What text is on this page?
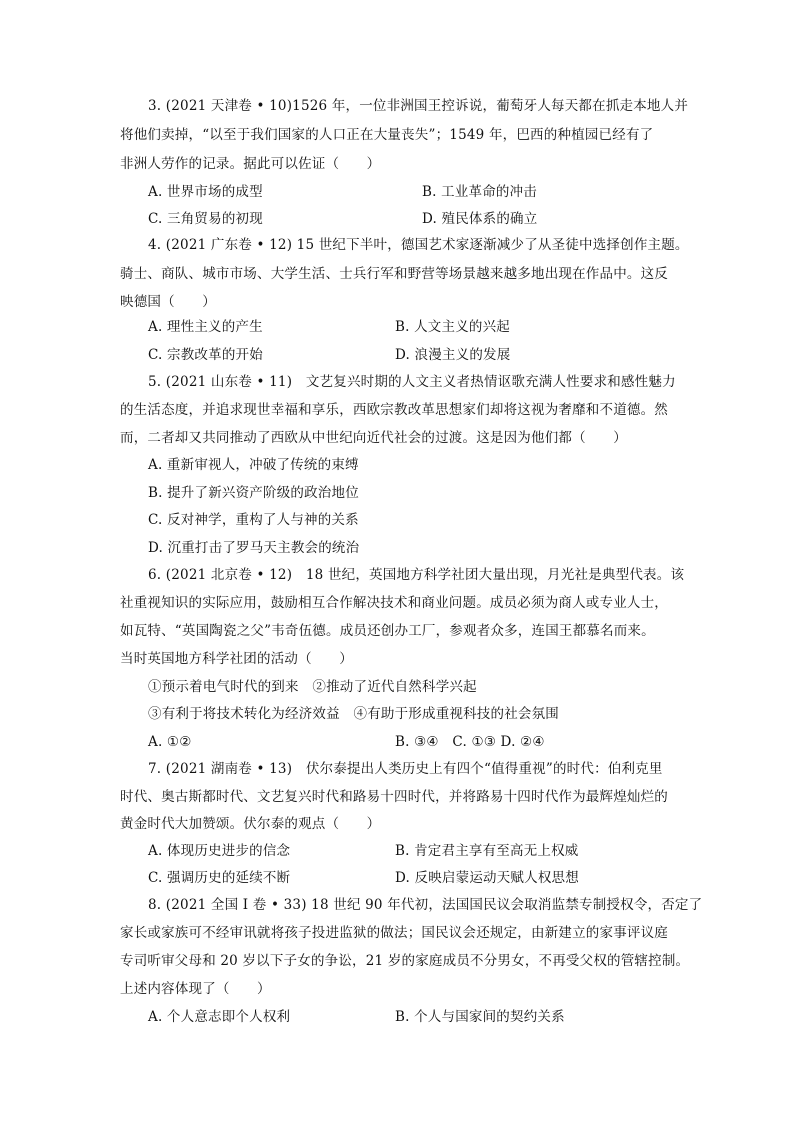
3. (2021 天津卷 • 10)1526 年，一位非洲国王控诉说，葡萄牙人每天都在抓走本地人并
将他们卖掉，“以至于我们国家的人口正在大量丧失”；1549 年，巴西的种植园已经有了
非洲人劳作的记录。据此可以佐证（　　）
A. 世界市场的成型	B. 工业革命的冲击
C. 三角贸易的初现	D. 殖民体系的确立
4. (2021 广东卷 • 12) 15 世纪下半叶，德国艺术家逐渐减少了从圣徒中选择创作主题。
骑士、商队、城市市场、大学生活、士兵行军和野营等场景越来越多地出现在作品中。这反
映德国（　　）
A. 理性主义的产生	B. 人文主义的兴起
C. 宗教改革的开始	D. 浪漫主义的发展
5. (2021 山东卷 • 11)　文艺复兴时期的人文主义者热情讴歌充满人性要求和感性魅力
的生活态度，并追求现世幸福和享乐，西欧宗教改革思想家们却将这视为奢靡和不道德。然
而，二者却又共同推动了西欧从中世纪向近代社会的过渡。这是因为他们都（　　）
A. 重新审视人，冲破了传统的束缚
B. 提升了新兴资产阶级的政治地位
C. 反对神学，重构了人与神的关系
D. 沉重打击了罗马天主教会的统治
6. (2021 北京卷 • 12)　18 世纪，英国地方科学社团大量出现，月光社是典型代表。该
社重视知识的实际应用，鼓励相互合作解决技术和商业问题。成员必须为商人或专业人士，
如瓦特、“英国陶瓷之父”韦奇伍德。成员还创办工厂，参观者众多，连国王都慕名而来。
当时英国地方科学社团的活动（　　）
①预示着电气时代的到来　②推动了近代自然科学兴起
③有利于将技术转化为经济效益　④有助于形成重视科技的社会氛围
A. ①②	B. ③④　C. ①③ D. ②④
7. (2021 湖南卷 • 13)　伏尔泰提出人类历史上有四个“值得重视”的时代：伯利克里
时代、奥古斯都时代、文艺复兴时代和路易十四时代，并将路易十四时代作为最辉煌灿烂的
黄金时代大加赞颂。伏尔泰的观点（　　）
A. 体现历史进步的信念	B. 肯定君主享有至高无上权威
C. 强调历史的延续不断	D. 反映启蒙运动天赋人权思想
8. (2021 全国 Ⅰ 卷 • 33) 18 世纪 90 年代初，法国国民议会取消监禁专制授权令，否定了
家长或家族可不经审讯就将孩子投进监狱的做法；国民议会还规定，由新建立的家事评议庭
专司听审父母和 20 岁以下子女的争讼，21 岁的家庭成员不分男女，不再受父权的管辖控制。
上述内容体现了（　　）
A. 个人意志即个人权利	B. 个人与国家间的契约关系
